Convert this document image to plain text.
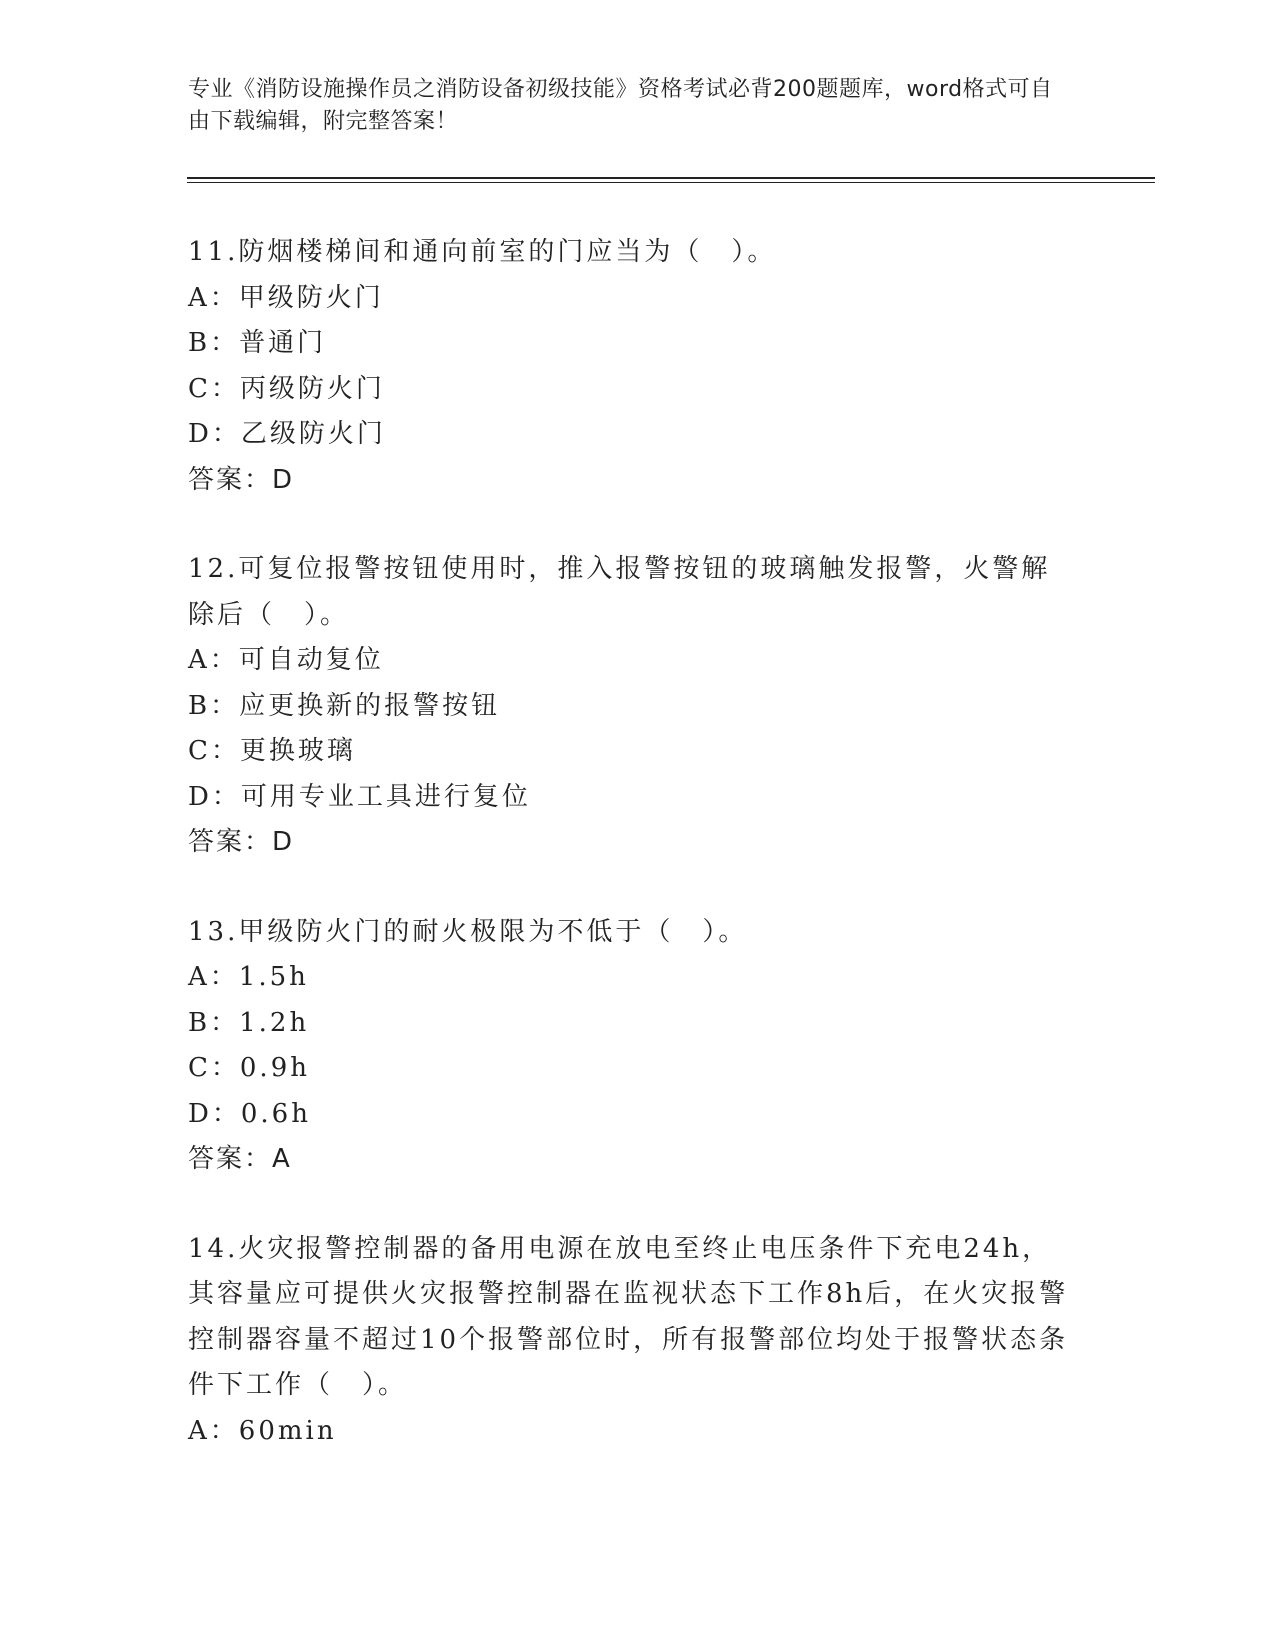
专业《消防设施操作员之消防设备初级技能》资格考试必背200题题库，word格式可自由下载编辑，附完整答案！
11.防烟楼梯间和通向前室的门应当为（　）。
A：甲级防火门
B：普通门
C：丙级防火门
D：乙级防火门
答案：D
12.可复位报警按钮使用时，推入报警按钮的玻璃触发报警，火警解除后（　）。
A：可自动复位
B：应更换新的报警按钮
C：更换玻璃
D：可用专业工具进行复位
答案：D
13.甲级防火门的耐火极限为不低于（　）。
A：1.5h
B：1.2h
C：0.9h
D：0.6h
答案：A
14.火灾报警控制器的备用电源在放电至终止电压条件下充电24h，其容量应可提供火灾报警控制器在监视状态下工作8h后，在火灾报警控制器容量不超过10个报警部位时，所有报警部位均处于报警状态条件下工作（　）。
A：60min
